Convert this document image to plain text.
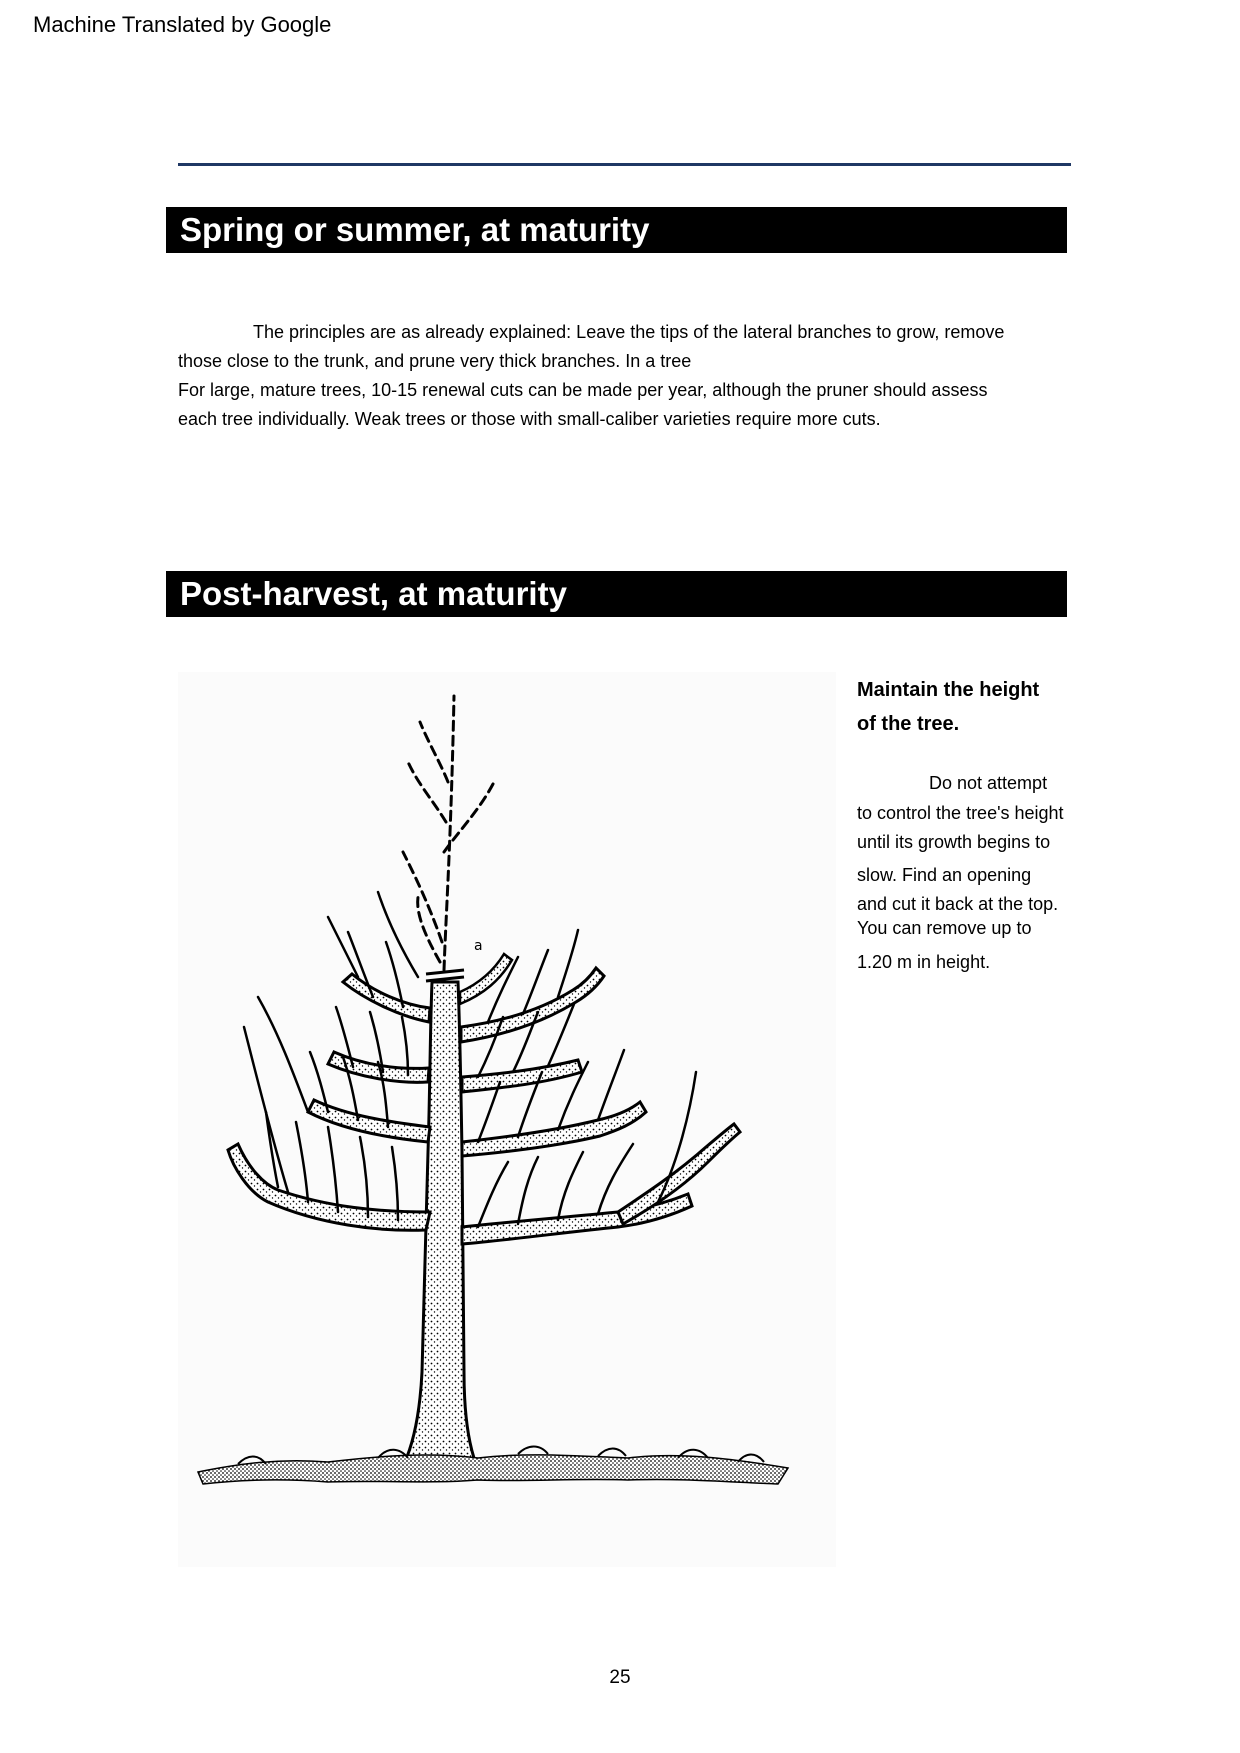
Machine Translated by Google
Spring or summer, at maturity
The principles are as already explained: Leave the tips of the lateral branches to grow, remove
those close to the trunk, and prune very thick branches. In a tree
For large, mature trees, 10-15 renewal cuts can be made per year, although the pruner should assess
each tree individually. Weak trees or those with small-caliber varieties require more cuts.
Post-harvest, at maturity
a
Maintain the height
of the tree.
Do not attempt
to control the tree's height
until its growth begins to
slow. Find an opening
and cut it back at the top.
You can remove up to
1.20 m in height.
25
